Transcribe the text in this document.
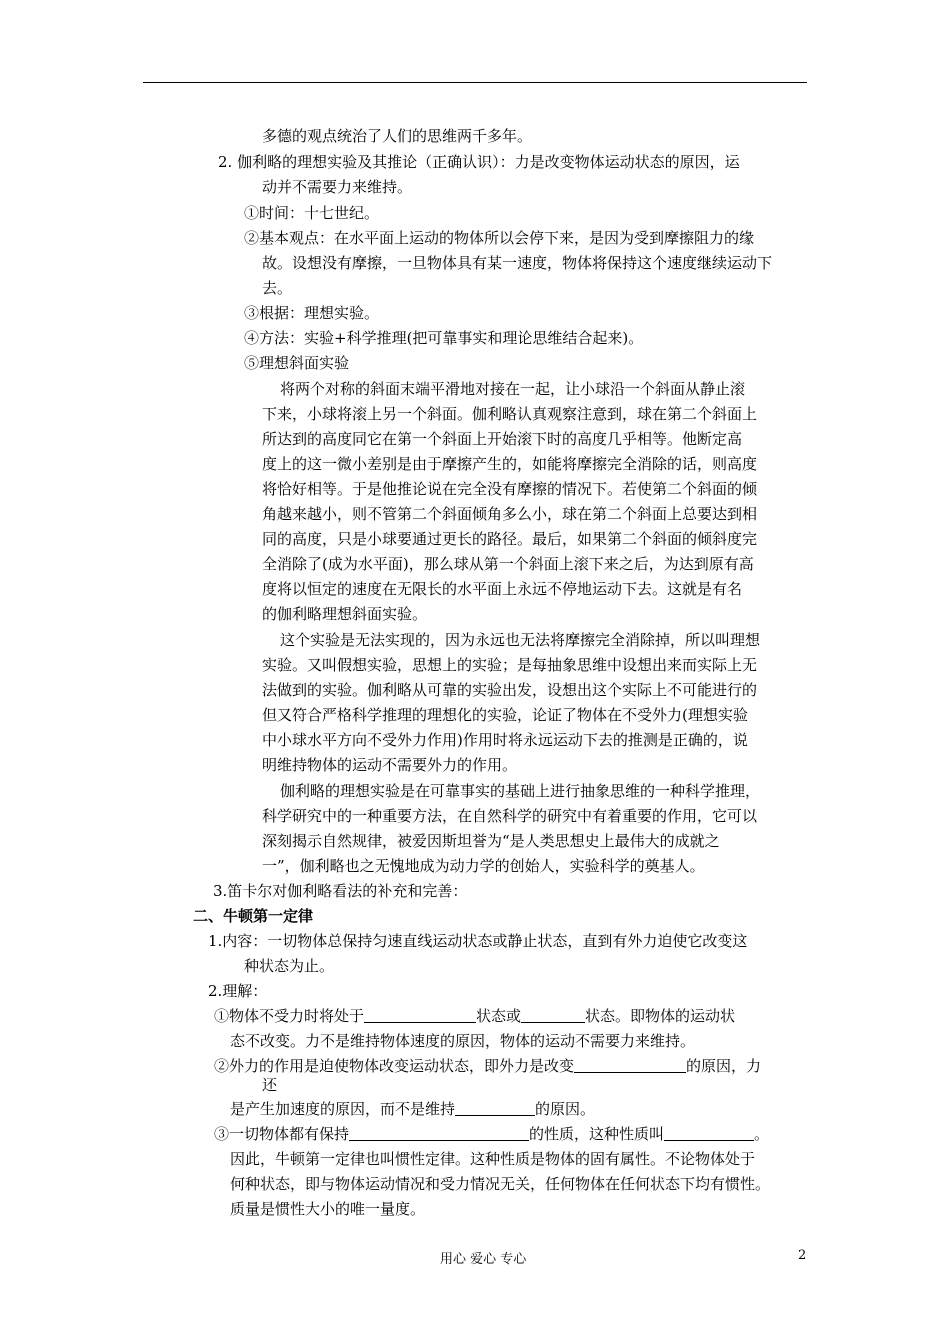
多德的观点统治了人们的思维两千多年。
2. 伽利略的理想实验及其推论（正确认识）：力是改变物体运动状态的原因，运
动并不需要力来维持。
①时间：十七世纪。
②基本观点：在水平面上运动的物体所以会停下来，是因为受到摩擦阻力的缘
故。设想没有摩擦，一旦物体具有某一速度，物体将保持这个速度继续运动下
去。
③根据：理想实验。
④方法：实验+科学推理(把可靠事实和理论思维结合起来)。
⑤理想斜面实验
将两个对称的斜面末端平滑地对接在一起，让小球沿一个斜面从静止滚
下来，小球将滚上另一个斜面。伽利略认真观察注意到，球在第二个斜面上
所达到的高度同它在第一个斜面上开始滚下时的高度几乎相等。他断定高
度上的这一微小差别是由于摩擦产生的，如能将摩擦完全消除的话，则高度
将恰好相等。于是他推论说在完全没有摩擦的情况下。若使第二个斜面的倾
角越来越小，则不管第二个斜面倾角多么小，球在第二个斜面上总要达到相
同的高度，只是小球要通过更长的路径。最后，如果第二个斜面的倾斜度完
全消除了(成为水平面)，那么球从第一个斜面上滚下来之后，为达到原有高
度将以恒定的速度在无限长的水平面上永远不停地运动下去。这就是有名
的伽利略理想斜面实验。
这个实验是无法实现的，因为永远也无法将摩擦完全消除掉，所以叫理想
实验。又叫假想实验，思想上的实验；是每抽象思维中设想出来而实际上无
法做到的实验。伽利略从可靠的实验出发，设想出这个实际上不可能进行的
但又符合严格科学推理的理想化的实验，论证了物体在不受外力(理想实验
中小球水平方向不受外力作用)作用时将永远运动下去的推测是正确的，说
明维持物体的运动不需要外力的作用。
伽利略的理想实验是在可靠事实的基础上进行抽象思维的一种科学推理，
科学研究中的一种重要方法，在自然科学的研究中有着重要的作用，它可以
深刻揭示自然规律，被爱因斯坦誉为“是人类思想史上最伟大的成就之
一”，伽利略也之无愧地成为动力学的创始人，实验科学的奠基人。
3.笛卡尔对伽利略看法的补充和完善：
二、牛顿第一定律
1.内容：一切物体总保持匀速直线运动状态或静止状态，直到有外力迫使它改变这
种状态为止。
2.理解：
①物体不受力时将处于	状态或	状态。即物体的运动状
态不改变。力不是维持物体速度的原因，物体的运动不需要力来维持。
②外力的作用是迫使物体改变运动状态，即外力是改变	的原因，力
还
是产生加速度的原因，而不是维持	的原因。
③一切物体都有保持	的性质，这种性质叫	。
因此，牛顿第一定律也叫惯性定律。这种性质是物体的固有属性。不论物体处于
何种状态，即与物体运动情况和受力情况无关，任何物体在任何状态下均有惯性。
质量是惯性大小的唯一量度。
用心 爱心 专心	2
